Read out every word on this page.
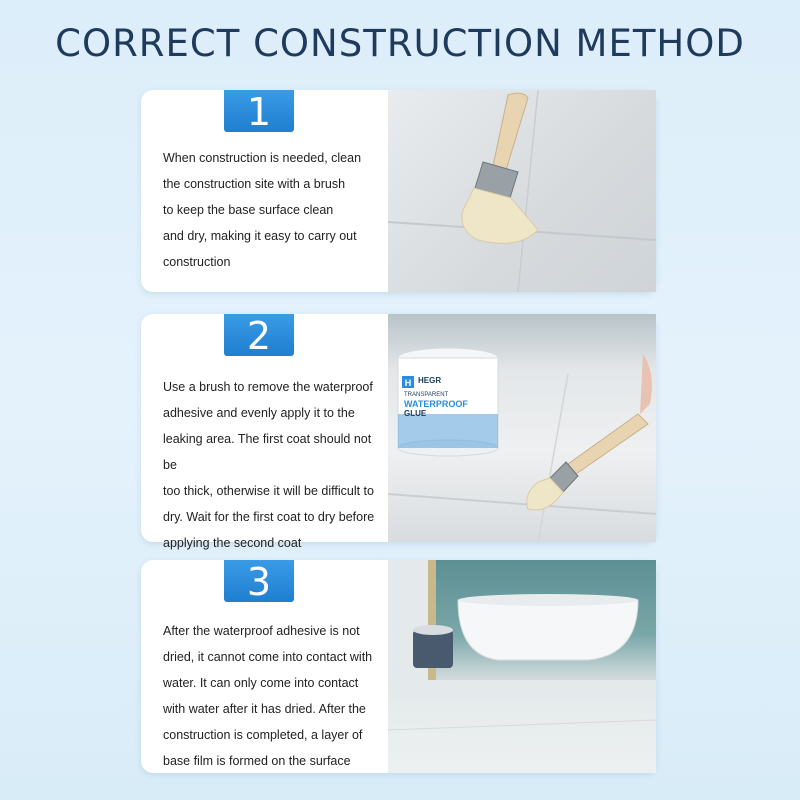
CORRECT CONSTRUCTION METHOD
1
When construction is needed, clean
the construction site with a brush
to keep the base surface clean
and dry, making it easy to carry out
construction
2
Use a brush to remove the waterproof
adhesive and evenly apply it to the
leaking area. The first coat should not be
too thick, otherwise it will be difficult to
dry. Wait for the first coat to dry before
applying the second coat
H HEGR
TRANSPARENT
WATERPROOF
GLUE
3
After the waterproof adhesive is not
dried, it cannot come into contact with
water. It can only come into contact
with water after it has dried. After the
construction is completed, a layer of
base film is formed on the surface
